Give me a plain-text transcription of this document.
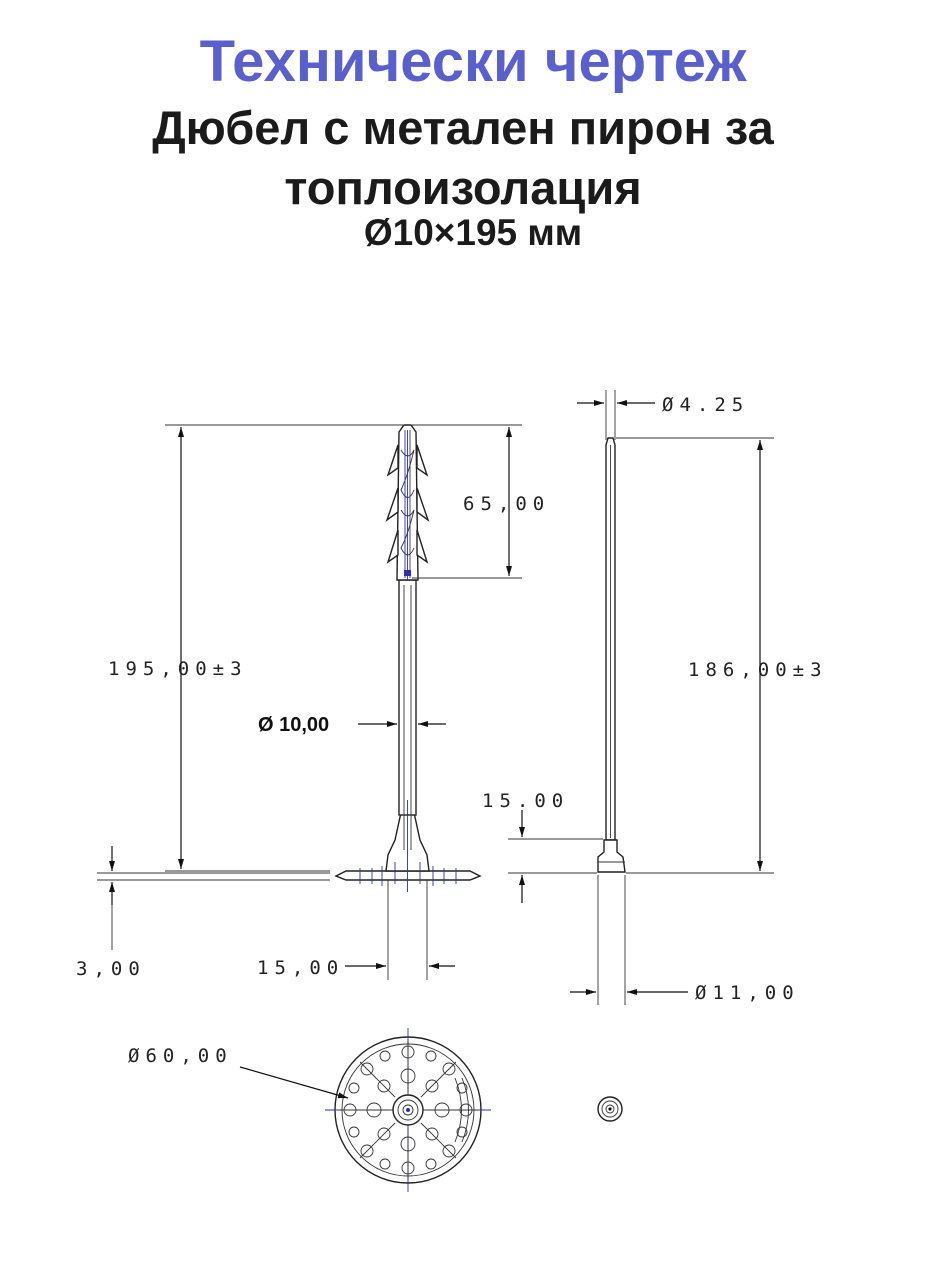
Технически чертеж
Дюбел с метален пирон за
топлоизолация
Ø10×195 мм
195,00±3
65,00
Ø 10,00
3,00	15,00
Ø4.25
186,00±3
15.00
Ø11,00
Ø60,00
